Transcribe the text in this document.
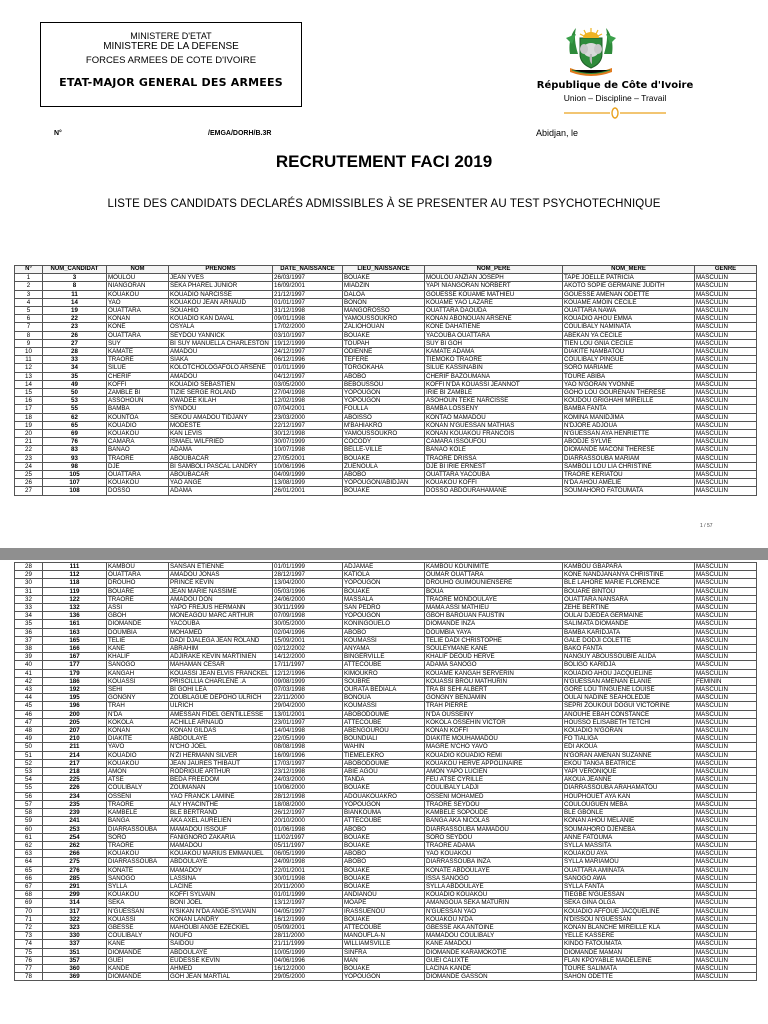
MINISTERE D'ETAT
MINISTERE DE LA DEFENSE
FORCES ARMEES DE COTE D'IVOIRE
ETAT-MAJOR GENERAL DES ARMEES	République de Côte d'Ivoire
Union – Discipline – Travail
N°	/EMGA/DORH/B.3R	Abidjan, le
RECRUTEMENT FACI 2019
LISTE DES CANDIDATS DECLARÉS ADMISSIBLES À SE PRESENTER AU TEST PSYCHOTECHNIQUE
N°	NUM_CANDIDAT	NOM	PRENOMS	DATE_NAISSANCE	LIEU_NAISSANCE	NOM_PERE	NOM_MERE	GENRE
1	3	MOULOU	JEAN YVES	26/03/1997	BOUAKE	MOULOU ANZIAN JOSEPH	TAPE JOELLE PATRICIA	MASCULIN
2	8	NIANGORAN	SEKA PHAREL JUNIOR	16/09/2001	MIADZIN	YAPI NIANGORAN NORBERT	AKOTO SOPIE GERMAINE JUDITH	MASCULIN
3	11	KOUAKOU	KOUADIO NARCISSE	21/12/1997	DALOA	GOUESSE KOUAME MATHIEU	GOUESSE AMENAN ODETTE	MASCULIN
4	14	YAO	KOUAKOU JEAN ARNAUD	01/01/1997	BONON	KOUAME YAO LAZARE	KOUAME AMOIN CECILE	MASCULIN
5	19	OUATTARA	SOUAHIO	31/12/1998	MANGOROSSO	OUATTARA DAOUDA	OUATTARA NAWA	MASCULIN
6	22	KONAN	KOUADIO KAN DAVAL	09/01/1998	YAMOUSSOUKRO	KONAN ABONOUAN ARSENE	KOUADIO AHOU EMMA	MASCULIN
7	23	KONE	OSYALA	17/02/2000	ZALIOHOUAN	KONE DAHATIENE	COULIBALY NAMINATA	MASCULIN
8	26	OUATTARA	SEYDOU YANNICK	03/10/1997	BOUAKE	YACOUBA OUATTARA	ABEKAN YA CECILE	MASCULIN
9	27	SUY	BI SUY MANUELLA CHARLESTON	19/12/1999	TOUPAH	SUY BI GOH	TIEN LOU GNIA CECILE	MASCULIN
10	28	KAMATE	AMADOU	24/12/1997	ODIENNE	KAMATE ADAMA	DIAKITE NAMBATOU	MASCULIN
11	33	TRAORE	SIAKA	06/12/1996	TEFERE	TIEMOKO TRAORE	COULIBALY PINGUE	MASCULIN
12	34	SILUE	KOLOTCHOLOGAFOLO ARSENE	01/01/1999	TORGOKAHA	SILUE KASSINABIN	SORO MARIAME	MASCULIN
13	35	CHERIF	AMADOU	04/12/1997	ABOBO	CHERIF BAZOUMANA	TOURE ABIBA	MASCULIN
14	49	KOFFI	KOUADIO SEBASTIEN	03/05/2000	BEBOUSSOU	KOFFI N'DA KOUASSI JEANNOT	YAO N'GORAN YVONNE	MASCULIN
15	50	ZAMBLE BI	TIZIE SERGE ROLAND	27/04/1998	YOPOUGON	IRIE BI ZAMBLE	GOHO LOU GOURENAN THERESE	MASCULIN
16	53	ASSOHOUN	KWADEE KILAH	12/02/1998	YOPOUGON	ASOHOUN TEKE NARCISSE	KOUDOU GRIGHAHI MIREILLE	MASCULIN
17	55	BAMBA	SYNDOU	07/04/2001	FOULLA	BAMBA LOSSENY	BAMBA FANTA	MASCULIN
18	62	KOUNTOA	SEKOU AMADOU TIDJANY	23/03/2000	ABOISSO	KONTAO MAMADOU	KOMINA MANIDJIMA	MASCULIN
19	65	KOUADIO	MODESTE	22/12/1997	M'BAHIAKRO	KONAN N'GUESSAN MATHIAS	N'DJORE ADJOUA	MASCULIN
20	69	KOUAKOU	KAN LEVIS	30/12/1998	YAMOUSSOUKRO	KONAN KOUAKOU FRANCOIS	N'GUESSAN AYA HENRIETTE	MASCULIN
21	76	CAMARA	ISMAEL WILFRIED	30/07/1999	COCODY	CAMARA ISSOUFOU	ABODJE SYLVIE	MASCULIN
22	83	BANAO	ADAMA	10/07/1998	BELLE-VILLE	BANAO KOLE	DIOMANDE MACONI THERESE	MASCULIN
23	93	TRAORE	ABOUBACAR	27/05/2001	BOUAKE	TRAORE DRISSA	DIARRASSOUBA MARIAM	MASCULIN
24	98	DJE	BI SAMBOLI PASCAL LANDRY	10/06/1996	ZUENOULA	DJE BI IRIE ERNEST	SAMBOLI LOU LIA CHRISTINE	MASCULIN
25	105	OUATTARA	ABOUBACAR	04/09/1999	ABOBO	OUATTARA YACOUBA	TRAORE KERIATOU	MASCULIN
26	107	KOUAKOU	YAO ANGE	13/08/1999	YOPOUGON/ABIDJAN	KOUAKOU KOFFI	N'DA AHOU AMELIE	MASCULIN
27	108	DOSSO	ADAMA	26/01/2001	BOUAKE	DOSSO ABDOURAHAMANE	SOUMAHORO FATOUMATA	MASCULIN
1 / 57
28	111	KAMBOU	SANSAN ETIENNE	01/01/1999	ADJAMAE	KAMBOU KOUNIMITE	KAMBOU GBAPARA	MASCULIN
29	112	OUATTARA	AMADOU JONAS	28/12/1997	KATIOLA	OUMAR OUATTARA	KONE NANDJANANYA CHRISTINE	MASCULIN
30	118	DROUHO	PRINCE KEVIN	13/04/2000	YOPOUGON	DROUHO GUIMOUNIENSERE	BLE LAHORE MARIE FLORENCE	MASCULIN
31	119	BOUARE	JEAN MARIE NASSIME	05/03/1996	BOUAKE	BOUA	BOUARE BINTOU	MASCULIN
32	122	TRAORE	AMADOU DON	24/06/2000	MASSALA	TRAORE MONDOULAYE	OUATTARA NANSARA	MASCULIN
33	132	ASSI	YAPO FREJUS HERMANN	30/11/1999	SAN PEDRO	MAMA ASSI MATHIEU	ZEHE BERTINE	MASCULIN
34	136	GBOH	MONEAGOU MARC ARTHUR	07/09/1998	YOPOUGON	GBOH BAROUAN FAUSTIN	OULAI DJEDEA GERMAINE	MASCULIN
35	161	DIOMANDE	YACOUBA	30/05/2000	KONINGOUELO	DIOMANDE INZA	SALIMATA DIOMANDE	MASCULIN
36	163	DOUMBIA	MOHAMED	02/04/1996	ABOBO	DOUMBIA YAYA	BAMBA KARIDJATA	MASCULIN
37	165	TELIE	DADI DJALEGA JEAN ROLAND	15/09/2001	KOUMASSI	TELIE DADI CHRISTOPHE	GALE DODJI COLETTE	MASCULIN
38	166	KANE	ABRAHIM	02/12/2002	ANYAMA	SOULEYMANE KANE	BAKO FANTA	MASCULIN
39	167	KHALIF	ADJIRAKE KEVIN MARTINIEN	14/12/2000	BINGERVILLE	KHALIF DEOUD HERVE	NANGUY ABOUSSOUBIE ALIDA	MASCULIN
40	177	SANOGO	MAHAMAN CESAR	17/11/1997	ATTECOUBE	ADAMA SANOGO	BOLIGO KARIDJA	MASCULIN
41	179	KANGAH	KOUASSI JEAN ELVIS FRANCKEL	12/12/1996	KIMOUKRO	KOUAME KANGAH SERVERIN	KOUADIO AHOU JACQUELINE	MASCULIN
42	186	KOUASSI	PRISCILLIA CHARLENE .A	09/08/1999	SOUBRE	KOUASSI BROU MATHURIN	N'GUESSAN AMENAN ELANIE	FEMININ
43	192	SEHI	BI GOHI LEA	07/03/1998	OURATA BEDIALA	TRA BI SEHI ALBERT	GORE LOU TINGUENE LOUISE	MASCULIN
44	195	GONGNY	ZOUBLAGUE DEPOHO ULRICH	22/11/2000	BONOUA	GONGNY BENJAMIN	OULAI NADINE SEAHOLEDJE	MASCULIN
45	196	TRAH	ULRICH	29/04/2000	KOUMASSI	TRAH PIERRE	SEPRI ZOUKOUI DOGUI VICTORINE	MASCULIN
46	200	N'DA	AMESSAN FIDEL GENTILLESSE	13/01/2001	ABOBODOUME	N'DA OUSSEINY	ANOUHE EBAH CONSTANCE	MASCULIN
47	205	KOKOLA	ACHILLE ARNAUD	23/01/1997	ATTECOUBE	KOKOLA OSSEHIN VICTOR	HOUSSO ELISABETH TETCHI	MASCULIN
48	207	KONAN	KONAN GILDAS	14/04/1998	ABENGOUROU	KONAN KOFFI	KOUADIO N'GORAN	MASCULIN
49	210	DIAKITE	ABDOULAYE	22/05/1999	BOUNDIALI	DIAKITE MOUHAMADOU	FO TIALIGA	MASCULIN
50	211	YAVO	N'CHO JOEL	08/08/1998	WAHIN	MAGRE N'CHO YAVO	EDI AKOUA	MASCULIN
51	214	KOUADIO	N'ZI HERMANN SILVER	16/09/1996	TIEMELEKRO	KOUADIO KOUADIO REMI	N'GORAN AMENAN SUZANNE	MASCULIN
52	217	KOUAKOU	JEAN JAURES THIBAUT	17/03/1997	ABOBODOUME	KOUAKOU HERVE APPOLINAIRE	EKOU TANGA BEATRICE	MASCULIN
53	218	AMON	RODRIGUE ARTHUR	23/12/1998	ABIE AGOU	AMON YAPO LUCIEN	YAPI VERONIQUE	MASCULIN
54	225	ATSE	BEDA FREEDOM	24/03/2000	TANDA	FEU ATSE CYRILLE	AKOUA JEANNE	MASCULIN
55	226	COULIBALY	ZOUMANAN	10/06/2000	BOUAKE	COULIBALY LADJI	DIARRASSOUBA ARAHAMATOU	MASCULIN
56	234	OSSENI	YAO FRANCK LAMINE	28/12/1998	ADOUAKOUAKRO	OSSENI MOHAMED	HOUPHOUET AYA KAN	MASCULIN
57	235	TRAORE	ALY HYACINTHE	18/08/2000	YOPOUGON	TRAORE SEYDOU	COULOUGUEN MEBA	MASCULIN
58	239	KAMBELE	BLE BERTRAND	26/12/1997	BIANKOUMA	KAMBELE SOPOUDE	BLE GBONLE	MASCULIN
59	241	BANGA	AKA AXEL AURELIEN	20/10/2000	ATTECOUBE	BANGA AKA NICOLAS	KONAN AHOU MELANIE	MASCULIN
60	253	DIARRASSOUBA	MAMADOU ISSOUF	01/06/1998	ABOBO	DIARRASSOUBA MAMADOU	SOUMAHORO DJENEBA	MASCULIN
61	254	SORO	FANIGNORO ZAKARIA	11/02/1997	BOUAKE	SORO SEYDOU	ANNE FATOUMA	MASCULIN
62	262	TRAORE	MAMADOU	05/11/1997	BOUAKE	TRAORE ADAMA	SYLLA MASSITA	MASCULIN
63	266	KOUAKOU	KOUAKOU MARIUS EMMANUEL	06/05/1999	ABOBO	YAO KOUAKOU	KOUAKOU AYA	MASCULIN
64	275	DIARRASSOUBA	ABDOULAYE	24/09/1998	ABOBO	DIARRASSOUBA INZA	SYLLA MARIAMOU	MASCULIN
65	276	KONATE	MAMADOY	22/01/2001	BOUAKE	KONATE ABDOULAYE	OUATTARA AMINATA	MASCULIN
66	285	SANOGO	LASSINA	30/01/1998	BOUAKE	ISSA SANOGO	SANOGO AWA	MASCULIN
67	291	SYLLA	LACINE	20/11/2000	BOUAKE	SYLLA ABDOULAYE	SYLLA FANTA	MASCULIN
68	299	KOUAKOU	KOFFI SYLVAIN	01/01/1999	ANDIANOU	KOUADIO KOUAKOU	TIEGBE N'GUESSAN	MASCULIN
69	314	SEKA	BONI JOEL	13/12/1997	MOAPE	AMANGOUA SEKA MATURIN	SEKA GINA OLGA	MASCULIN
70	317	N'GUESSAN	N'SIKAN N'DA ANGE-SYLVAIN	04/05/1997	IRASSUENOU	N'GUESSAN YAO	KOUADIO AFFOUE JACQUELINE	MASCULIN
71	322	KOUASSI	KONAN LANDRY	16/12/1999	BOUAKE	KOUAKOU N'DA	N'DISSOU N'GUESSAN	MASCULIN
72	323	GBESSE	MAHOUBI ANGE EZECKIEL	05/09/2001	ATTECOUBE	GBESSE AKA ANTOINE	KONAN BLANCHE MIREILLE KLA	MASCULIN
73	330	COULIBALY	NOUFO	28/11/2000	MANOUFLA-N	MAMADOU COULIBALY	YELLE KASSERE	MASCULIN
74	337	KANE	SAIDOU	21/11/1999	WILLIAMSVILLE	KANE AMADOU	KINDO FATOUMATA	MASCULIN
75	351	DIOMANDE	ABDOULAYE	10/05/1999	SINFRA	DIOMANDE KARAMOKOTIE	DIOMANDE MAMAN	MASCULIN
76	357	GUEI	EUDESSE KEVIN	04/06/1996	MAN	GUEI CALIXTE	FLAN KPOYABLE MADELEINE	MASCULIN
77	360	KANDE	AHMED	16/12/2000	BOUAKE	LACINA KANDE	TOURE SALIMATA	MASCULIN
78	369	DIOMANDE	GOH JEAN MARTIAL	29/05/2000	YOPOUGON	DIOMANDE GASSON	SAHON ODETTE	MASCULIN
